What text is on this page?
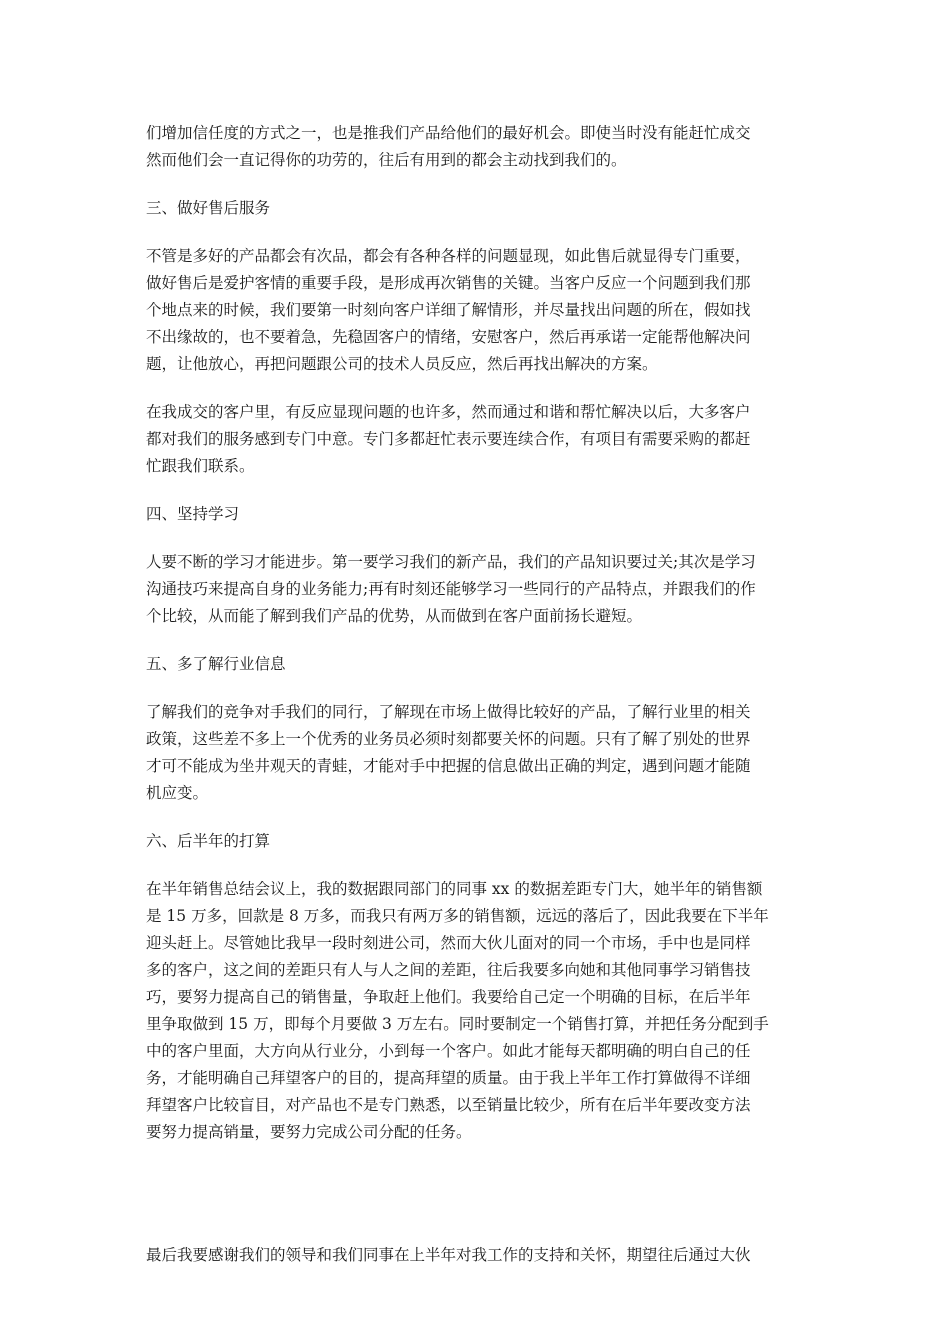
们增加信任度的方式之一，也是推我们产品给他们的最好机会。即使当时没有能赶忙成交
然而他们会一直记得你的功劳的，往后有用到的都会主动找到我们的。
三、做好售后服务
不管是多好的产品都会有次品，都会有各种各样的问题显现，如此售后就显得专门重要，
做好售后是爱护客情的重要手段，是形成再次销售的关键。当客户反应一个问题到我们那
个地点来的时候，我们要第一时刻向客户详细了解情形，并尽量找出问题的所在，假如找
不出缘故的，也不要着急，先稳固客户的情绪，安慰客户，然后再承诺一定能帮他解决问
题，让他放心，再把问题跟公司的技术人员反应，然后再找出解决的方案。
在我成交的客户里，有反应显现问题的也许多，然而通过和谐和帮忙解决以后，大多客户
都对我们的服务感到专门中意。专门多都赶忙表示要连续合作，有项目有需要采购的都赶
忙跟我们联系。
四、坚持学习
人要不断的学习才能进步。第一要学习我们的新产品，我们的产品知识要过关;其次是学习
沟通技巧来提高自身的业务能力;再有时刻还能够学习一些同行的产品特点，并跟我们的作
个比较，从而能了解到我们产品的优势，从而做到在客户面前扬长避短。
五、多了解行业信息
了解我们的竞争对手我们的同行，了解现在市场上做得比较好的产品，了解行业里的相关
政策，这些差不多上一个优秀的业务员必须时刻都要关怀的问题。只有了解了别处的世界
才可不能成为坐井观天的青蛙，才能对手中把握的信息做出正确的判定，遇到问题才能随
机应变。
六、后半年的打算
在半年销售总结会议上，我的数据跟同部门的同事 xx 的数据差距专门大，她半年的销售额
是 15 万多，回款是 8 万多，而我只有两万多的销售额，远远的落后了，因此我要在下半年
迎头赶上。尽管她比我早一段时刻进公司，然而大伙儿面对的同一个市场，手中也是同样
多的客户，这之间的差距只有人与人之间的差距，往后我要多向她和其他同事学习销售技
巧，要努力提高自己的销售量，争取赶上他们。我要给自己定一个明确的目标，在后半年
里争取做到 15 万，即每个月要做 3 万左右。同时要制定一个销售打算，并把任务分配到手
中的客户里面，大方向从行业分，小到每一个客户。如此才能每天都明确的明白自己的任
务，才能明确自己拜望客户的目的，提高拜望的质量。由于我上半年工作打算做得不详细
拜望客户比较盲目，对产品也不是专门熟悉，以至销量比较少，所有在后半年要改变方法
要努力提高销量，要努力完成公司分配的任务。
最后我要感谢我们的领导和我们同事在上半年对我工作的支持和关怀，期望往后通过大伙
